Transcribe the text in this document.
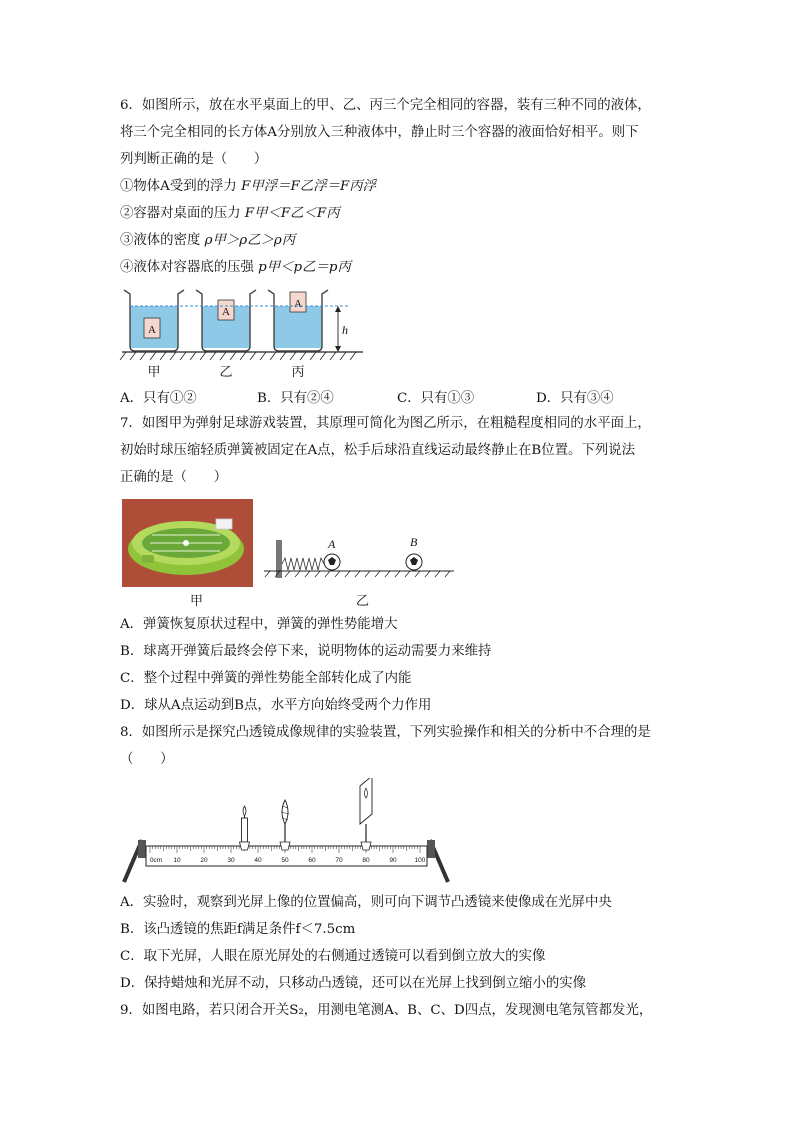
6．如图所示，放在水平桌面上的甲、乙、丙三个完全相同的容器，装有三种不同的液体，
将三个完全相同的长方体A分别放入三种液体中，静止时三个容器的液面恰好相平。则下
列判断正确的是（　　）
①物体A受到的浮力 F甲浮＝F乙浮＝F丙浮
②容器对桌面的压力 F甲＜F乙＜F丙
③液体的密度 ρ甲＞ρ乙＞ρ丙
④液体对容器底的压强 p甲＜p乙＝p丙
A
A
A
h
甲	乙	丙
A．只有①②	B．只有②④	C．只有①③	D．只有③④
7．如图甲为弹射足球游戏装置，其原理可简化为图乙所示，在粗糙程度相同的水平面上，
初始时球压缩轻质弹簧被固定在A点，松手后球沿直线运动最终静止在B位置。下列说法
正确的是（　　）
甲
A	B
乙
A．弹簧恢复原状过程中，弹簧的弹性势能增大
B．球离开弹簧后最终会停下来，说明物体的运动需要力来维持
C．整个过程中弹簧的弹性势能全部转化成了内能
D．球从A点运动到B点，水平方向始终受两个力作用
8．如图所示是探究凸透镜成像规律的实验装置，下列实验操作和相关的分析中不合理的是
（　　）
0cm 10	20	30	40	50	60	70	80	90	100
A．实验时，观察到光屏上像的位置偏高，则可向下调节凸透镜来使像成在光屏中央
B．该凸透镜的焦距f满足条件f＜7.5cm
C．取下光屏，人眼在原光屏处的右侧通过透镜可以看到倒立放大的实像
D．保持蜡烛和光屏不动，只移动凸透镜，还可以在光屏上找到倒立缩小的实像
9．如图电路，若只闭合开关S₂，用测电笔测A、B、C、D四点，发现测电笔氖管都发光，
